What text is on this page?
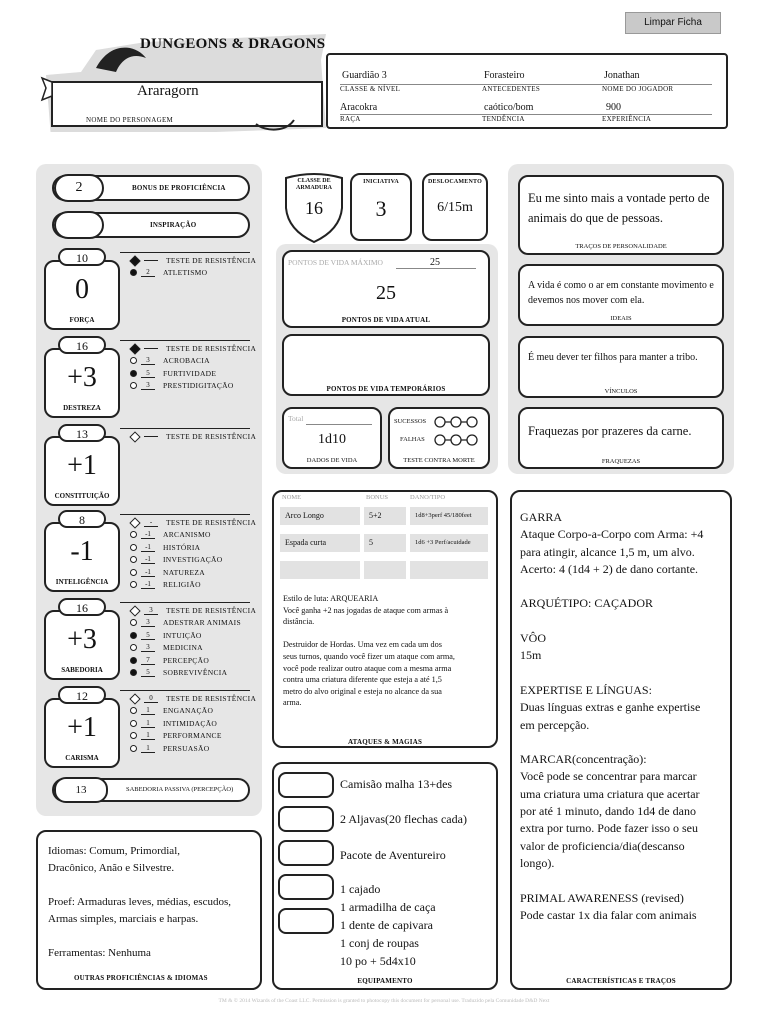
Limpar Ficha
DUNGEONS & DRAGONS
Araragorn
NOME DO PERSONAGEM
Guardião 3	Forasteiro	Jonathan
CLASSE & NÍVEL	ANTECEDENTES	NOME DO JOGADOR
Aracokra	caótico/bom	900
RAÇA	TENDÊNCIA	EXPERIÊNCIA
2	BONUS DE PROFICIÊNCIA
INSPIRAÇÃO
10
0
FORÇA
16
+3
DESTREZA
13
+1
CONSTITUIÇÃO
8
-1
INTELIGÊNCIA
16
+3
SABEDORIA
12
+1
CARISMA
TESTE DE RESISTÊNCIA
2	ATLETISMO
TESTE DE RESISTÊNCIA
3	ACROBACIA
5	FURTIVIDADE
3	PRESTIDIGITAÇÃO
TESTE DE RESISTÊNCIA
-	TESTE DE RESISTÊNCIA
-1	ARCANISMO
-1	HISTÓRIA
-1	INVESTIGAÇÃO
-1	NATUREZA
-1	RELIGIÃO
3	TESTE DE RESISTÊNCIA
3	ADESTRAR ANIMAIS
5	INTUIÇÃO
3	MEDICINA
7	PERCEPÇÃO
5	SOBREVIVÊNCIA
0	TESTE DE RESISTÊNCIA
1	ENGANAÇÃO
1	INTIMIDAÇÃO
1	PERFORMANCE
1	PERSUASÃO
13	SABEDORIA PASSIVA (PERCEPÇÃO)
Idiomas: Comum, Primordial,
Dracônico, Anão e Silvestre.
Proef: Armaduras leves, médias, escudos,
Armas simples, marciais e harpas.
Ferramentas: Nenhuma
OUTRAS PROFICIÊNCIAS & IDIOMAS
CLASSE DE ARMADURA
16
INICIATIVA
3
DESLOCAMENTO
6/15m
PONTOS DE VIDA MÁXIMO	25
25
PONTOS DE VIDA ATUAL
PONTOS DE VIDA TEMPORÁRIOS
Total
1d10
DADOS DE VIDA
SUCESSOS
FALHAS
TESTE CONTRA MORTE
NOME	BONUS	DANO/TIPO
Arco Longo	5+2	1d8+3perf 45/180feet
Espada curta	5	1d6 +3 Perf/acuidade
Estilo de luta: ARQUEARIA
Você ganha +2 nas jogadas de ataque com armas à
distância.
Destruidor de Hordas. Uma vez em cada um dos
seus turnos, quando você fizer um ataque com arma,
você pode realizar outro ataque com a mesma arma
contra uma criatura diferente que esteja a até 1,5
metro do alvo original e esteja no alcance da sua
arma.
ATAQUES & MAGIAS
Camisão malha 13+des
2 Aljavas(20 flechas cada)
Pacote de Aventureiro
1 cajado
1 armadilha de caça
1 dente de capivara
1 conj de roupas
10 po + 5d4x10
EQUIPAMENTO
Eu me sinto mais a vontade perto de animais do que de pessoas.
TRAÇOS DE PERSONALIDADE
A vida é como o ar em constante movimento e devemos nos mover com ela.
IDEAIS
É meu dever ter filhos para manter a tribo.
VÍNCULOS
Fraquezas por prazeres da carne.
FRAQUEZAS
GARRA
Ataque Corpo-a-Corpo com Arma: +4
para atingir, alcance 1,5 m, um alvo.
Acerto: 4 (1d4 + 2) de dano cortante.
ARQUÉTIPO: CAÇADOR
VÔO
15m
EXPERTISE E LÍNGUAS:
Duas línguas extras e ganhe expertise
em percepção.
MARCAR(concentração):
Você pode se concentrar para marcar
uma criatura uma criatura que acertar
por até 1 minuto, dando 1d4 de dano
extra por turno. Pode fazer isso o seu
valor de proficiencia/dia(descanso
longo).
PRIMAL AWARENESS (revised)
Pode castar 1x dia falar com animais
CARACTERÍSTICAS E TRAÇOS
TM & © 2014 Wizards of the Coast LLC. Permission is granted to photocopy this document for personal use. Traduzido pela Comunidade D&D Next
